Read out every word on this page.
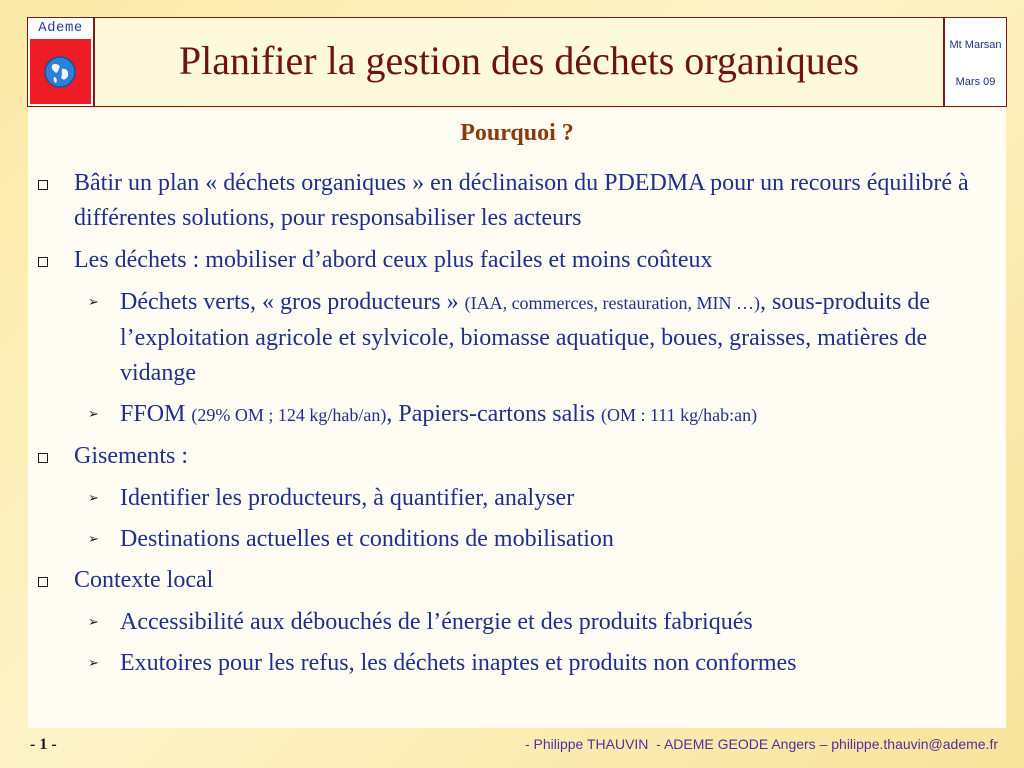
Ademe
Planifier la gestion des déchets organiques	Mt Marsan
Mars 09
Pourquoi ?
Bâtir un plan « déchets organiques » en déclinaison du PDEDMA pour un recours équilibré à différentes solutions, pour responsabiliser les acteurs
Les déchets : mobiliser d’abord ceux plus faciles et moins coûteux
➢ Déchets verts, « gros producteurs » (IAA, commerces, restauration, MIN …), sous-produits de l’exploitation agricole et sylvicole, biomasse aquatique, boues, graisses, matières de vidange
➢ FFOM (29% OM ; 124 kg/hab/an), Papiers-cartons salis (OM : 111 kg/hab:an)
Gisements :
➢ Identifier les producteurs, à quantifier, analyser
➢ Destinations actuelles et conditions de mobilisation
Contexte local
➢ Accessibilité aux débouchés de l’énergie et des produits fabriqués
➢ Exutoires pour les refus, les déchets inaptes et produits non conformes
- 1 -	- Philippe THAUVIN  - ADEME GEODE Angers – philippe.thauvin@ademe.fr
